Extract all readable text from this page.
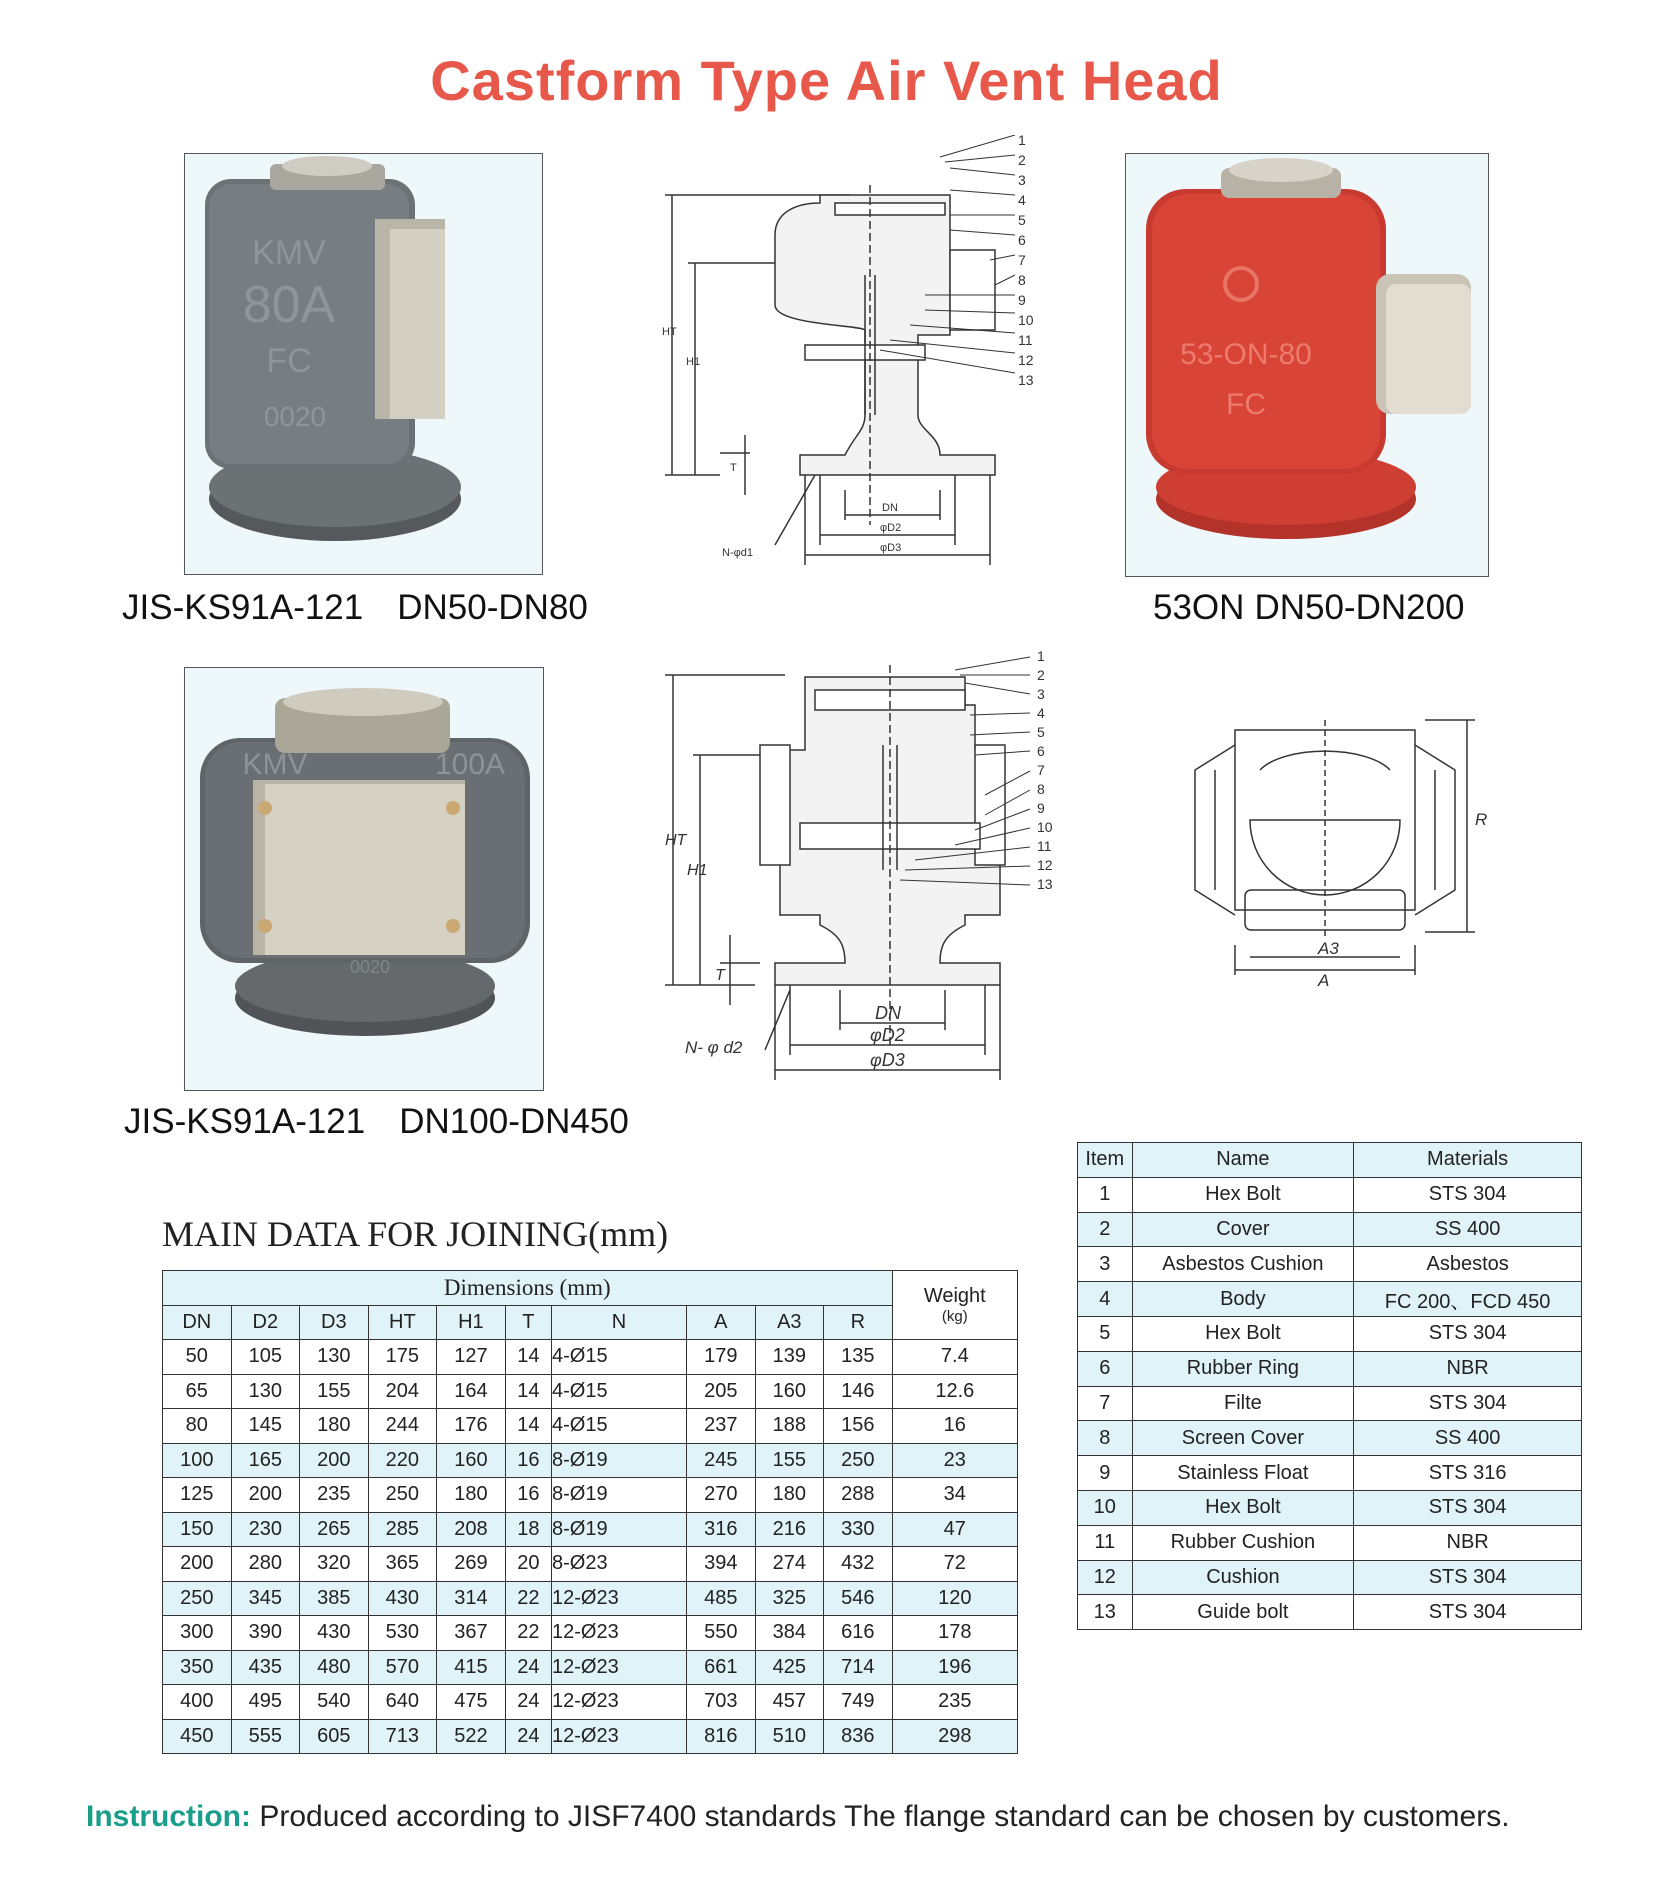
Castform Type Air Vent Head
KMV
80A
FC
0020
1
2
3
4
5
6
7
8
9
10
11
12
13
HT
H1
T
DN
φD2
φD3
N-φd1
53-ON-80
FC
JIS-KS91A-121 DN50-DN80	53ON DN50-DN200
KMV	100A
0020
1
2
3
4
5
6
7
8
9
10
11
12
13
HT
H1
T
DN
φD2
φD3
N- φ d2
A3
A
R
JIS-KS91A-121 DN100-DN450
MAIN DATA FOR JOINING(mm)
Dimensions (mm)										Weight
(kg)

DN	D2	D3	HT	H1	T	N	A	A3	R	
50	105	130	175	127	14	4-Ø15	179	139	135	7.4
65	130	155	204	164	14	4-Ø15	205	160	146	12.6
80	145	180	244	176	14	4-Ø15	237	188	156	16
100	165	200	220	160	16	8-Ø19	245	155	250	23
125	200	235	250	180	16	8-Ø19	270	180	288	34
150	230	265	285	208	18	8-Ø19	316	216	330	47
200	280	320	365	269	20	8-Ø23	394	274	432	72
250	345	385	430	314	22	12-Ø23	485	325	546	120
300	390	430	530	367	22	12-Ø23	550	384	616	178
350	435	480	570	415	24	12-Ø23	661	425	714	196
400	495	540	640	475	24	12-Ø23	703	457	749	235
450	555	605	713	522	24	12-Ø23	816	510	836	298
Item	Name	Materials
1	Hex Bolt	STS 304
2	Cover	SS 400
3	Asbestos Cushion	Asbestos
4	Body	FC 200、FCD 450
5	Hex Bolt	STS 304
6	Rubber Ring	NBR
7	Filte	STS 304
8	Screen Cover	SS 400
9	Stainless Float	STS 316
10	Hex Bolt	STS 304
11	Rubber Cushion	NBR
12	Cushion	STS 304
13	Guide bolt	STS 304
Instruction: Produced according to JISF7400 standards The flange standard can be chosen by customers.
